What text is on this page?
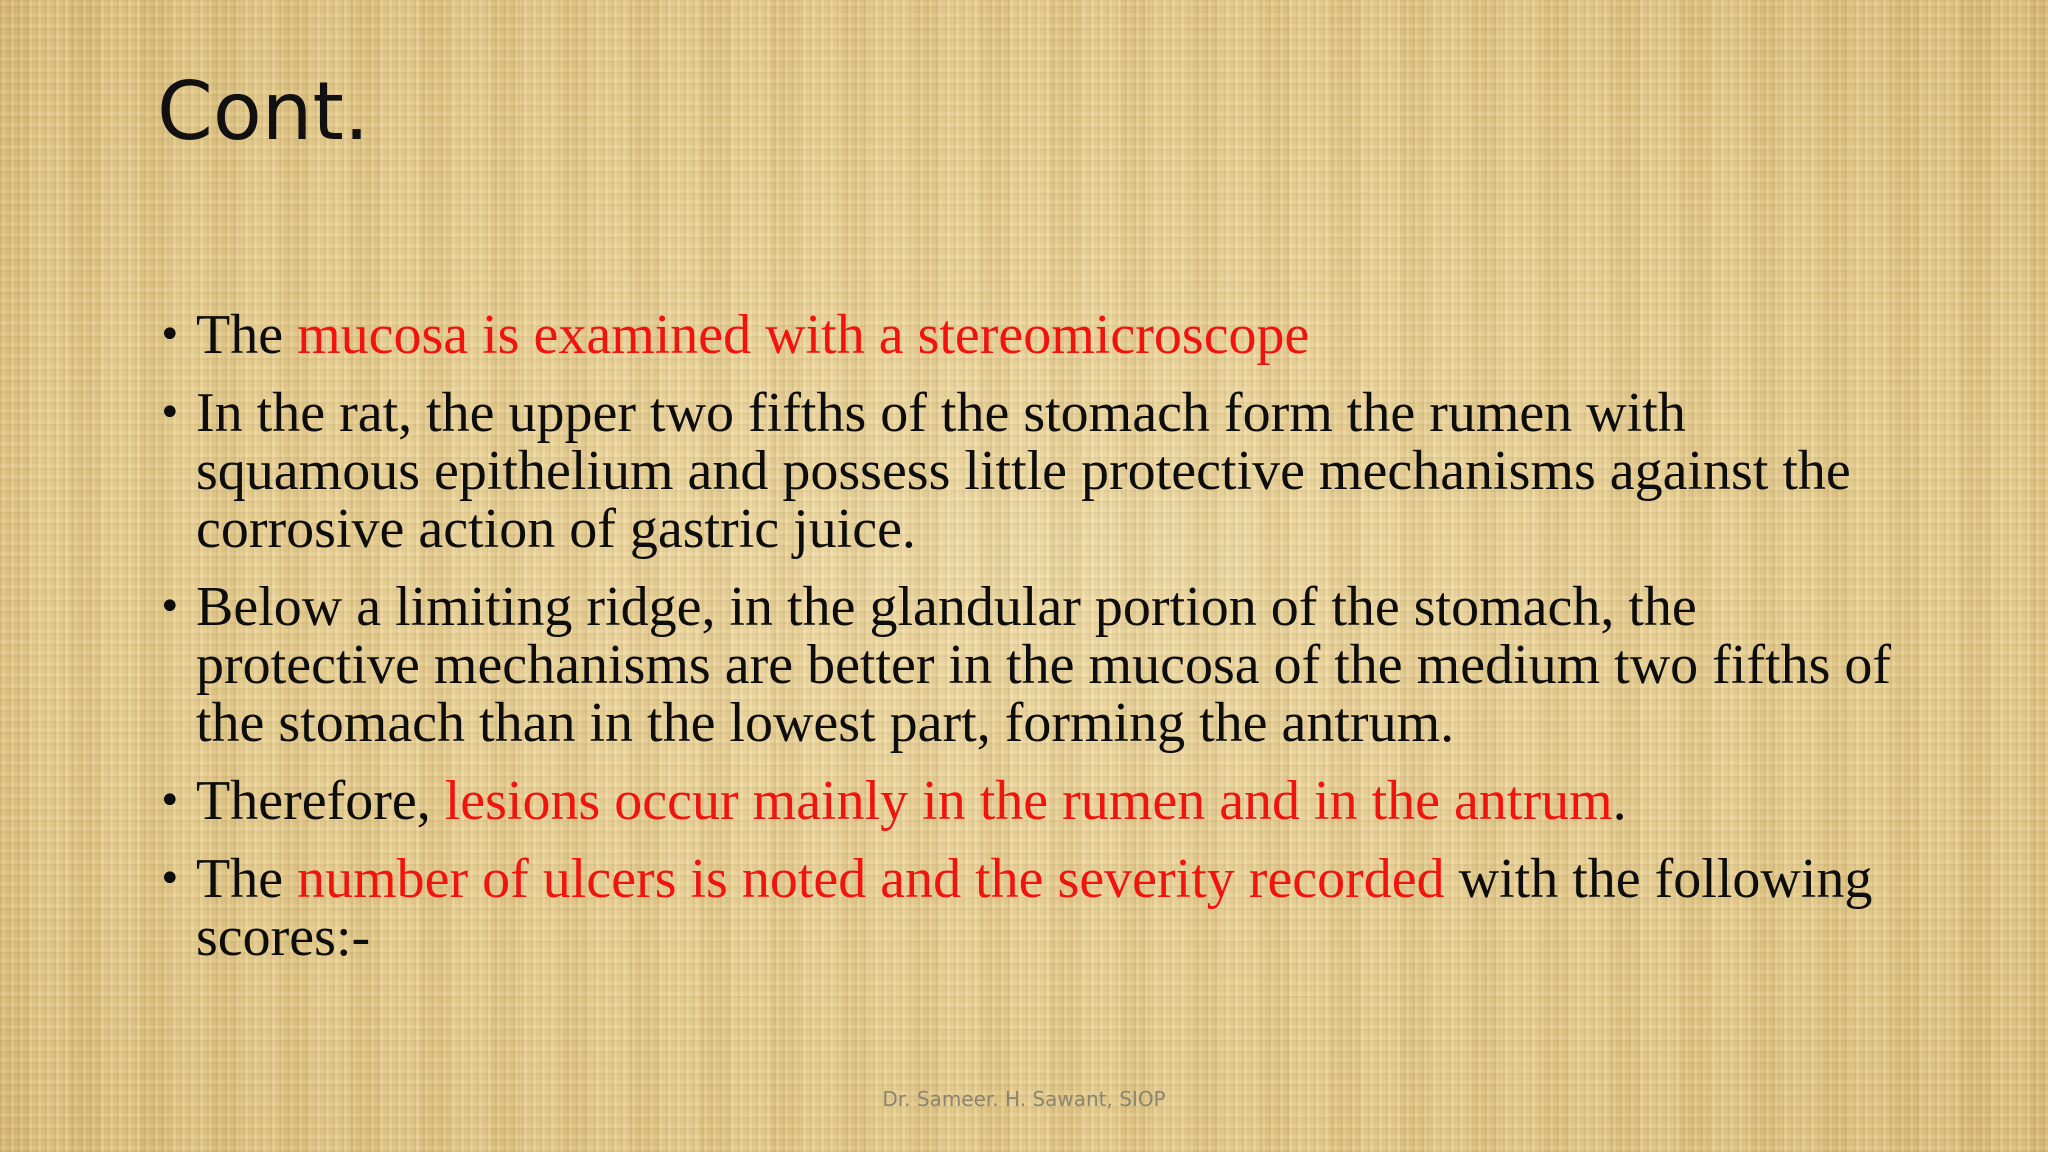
Cont.
• The mucosa is examined with a stereomicroscope
• In the rat, the upper two fifths of the stomach form the rumen with squamous epithelium and possess little protective mechanisms against the corrosive action of gastric juice.
• Below a limiting ridge, in the glandular portion of the stomach, the protective mechanisms are better in the mucosa of the medium two fifths of the stomach than in the lowest part, forming the antrum.
• Therefore, lesions occur mainly in the rumen and in the antrum.
• The number of ulcers is noted and the severity recorded with the following scores:-
Dr. Sameer. H. Sawant, SIOP
